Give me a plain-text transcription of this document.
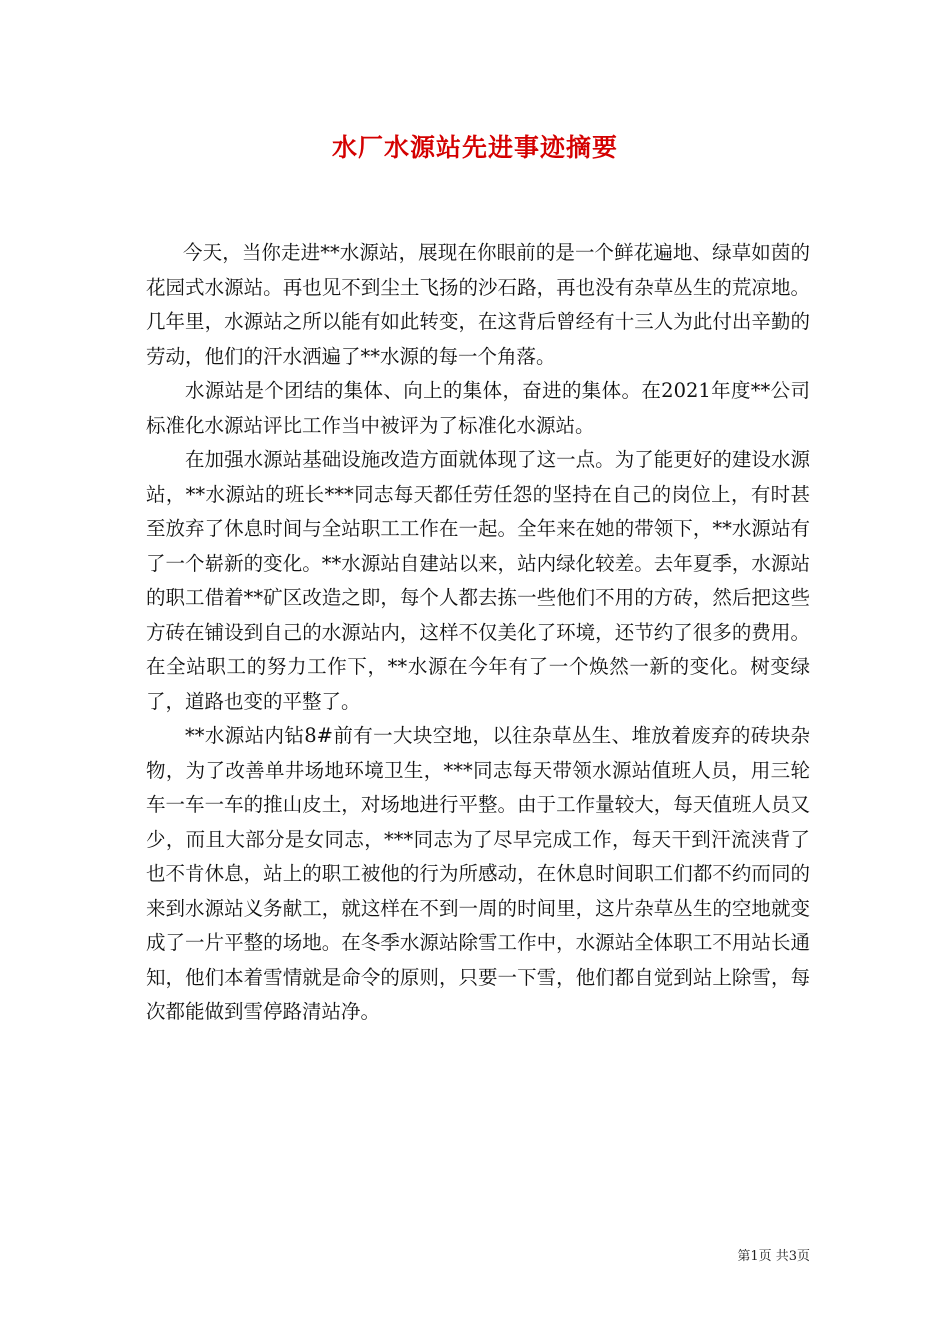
水厂水源站先进事迹摘要

今天，当你走进**水源站，展现在你眼前的是一个鲜花遍地、绿草如茵的花园式水源站。再也见不到尘土飞扬的沙石路，再也没有杂草丛生的荒凉地。几年里，水源站之所以能有如此转变，在这背后曾经有十三人为此付出辛勤的劳动，他们的汗水洒遍了**水源的每一个角落。

水源站是个团结的集体、向上的集体，奋进的集体。在2021年度**公司标准化水源站评比工作当中被评为了标准化水源站。

在加强水源站基础设施改造方面就体现了这一点。为了能更好的建设水源站，**水源站的班长***同志每天都任劳任怨的坚持在自己的岗位上，有时甚至放弃了休息时间与全站职工工作在一起。全年来在她的带领下，**水源站有了一个崭新的变化。**水源站自建站以来，站内绿化较差。去年夏季，水源站的职工借着**矿区改造之即，每个人都去拣一些他们不用的方砖，然后把这些方砖在铺设到自己的水源站内，这样不仅美化了环境，还节约了很多的费用。在全站职工的努力工作下，**水源在今年有了一个焕然一新的变化。树变绿了，道路也变的平整了。

**水源站内钻8#前有一大块空地，以往杂草丛生、堆放着废弃的砖块杂物，为了改善单井场地环境卫生，***同志每天带领水源站值班人员，用三轮车一车一车的推山皮土，对场地进行平整。由于工作量较大，每天值班人员又少，而且大部分是女同志，***同志为了尽早完成工作，每天干到汗流浃背了也不肯休息，站上的职工被他的行为所感动，在休息时间职工们都不约而同的来到水源站义务献工，就这样在不到一周的时间里，这片杂草丛生的空地就变成了一片平整的场地。在冬季水源站除雪工作中，水源站全体职工不用站长通知，他们本着雪情就是命令的原则，只要一下雪，他们都自觉到站上除雪，每次都能做到雪停路清站净。

第1页 共3页
